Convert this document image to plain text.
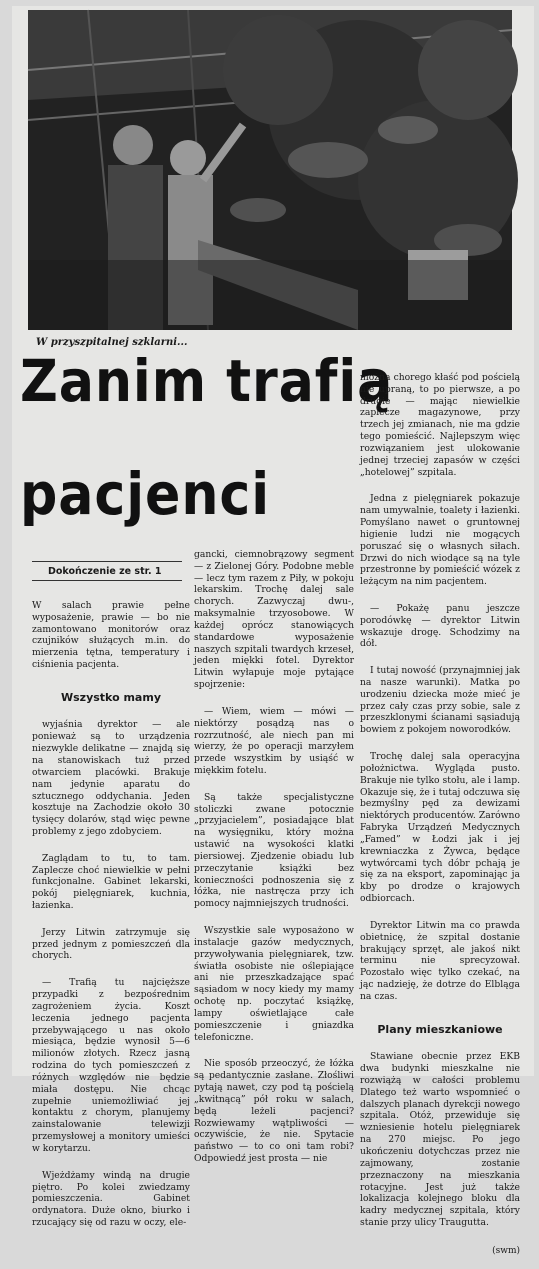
W przyszpitalnej szklarni...
Zanim trafią
pacjenci
Dokończenie ze str. 1

W salach prawie pełne wyposażenie, prawie — bo nie zamontowano monitorów oraz czujników służących m.in. do mierzenia tętna, temperatury i ciśnienia pacjenta.

Wszystko mamy

wyjaśnia dyrektor — ale ponieważ są to urządzenia niezwykle delikatne — znajdą się na stanowiskach tuż przed otwarciem placówki. Brakuje nam jedynie aparatu do sztucznego oddychania. Jeden kosztuje na Zachodzie około 30 tysięcy dolarów, stąd więc pewne problemy z jego zdobyciem.

Zaglądam to tu, to tam. Zaplecze choć niewielkie w pełni funkcjonalne. Gabinet lekarski, pokój pielęgniarek, kuchnia, łazienka.

Jerzy Litwin zatrzymuje się przed jednym z pomieszczeń dla chorych.

— Trafią tu najcięższe przypadki z bezpośrednim zagrożeniem życia. Koszt leczenia jednego pacjenta przebywającego u nas około miesiąca, będzie wynosił 5—6 milionów złotych. Rzecz jasną rodzina do tych pomieszczeń z różnych względów nie będzie miała dostępu. Nie chcąc zupełnie uniemożliwiać jej kontaktu z chorym, planujemy zainstalowanie telewizji przemysłowej a monitory umieści w korytarzu.

Wjeżdżamy windą na drugie piętro. Po kolei zwiedzamy pomieszczenia. Gabinet ordynatora. Duże okno, biurko i rzucający się od razu w oczy, ele-

gancki, ciemnobrązowy segment — z Zielonej Góry. Podobne meble — lecz tym razem z Piły, w pokoju lekarskim. Trochę dalej sale chorych. Zazwyczaj dwu-, maksymalnie trzyosobowe. W każdej oprócz stanowiących standardowe wyposażenie naszych szpitali twardych krzeseł, jeden miękki fotel. Dyrektor Litwin wyłapuje moje pytające spojrzenie:

— Wiem, wiem — mówi — niektórzy posądzą nas o rozrzutność, ale niech pan mi wierzy, że po operacji marzyłem przede wszystkim by usiąść w miękkim fotelu.

Są także specjalistyczne stoliczki zwane potocznie „przyjacielem”, posiadające blat na wysięgniku, który można ustawić na wysokości klatki piersiowej. Zjedzenie obiadu lub przeczytanie książki bez konieczności podnoszenia się z łóżka, nie nastręcza przy ich pomocy najmniejszych trudności.

Wszystkie sale wyposażono w instalacje gazów medycznych, przywoływania pielęgniarek, tzw. światła osobiste nie oślepiające ani nie przeszkadzające spać sąsiadom w nocy kiedy my mamy ochotę np. poczytać książkę, lampy oświetlające całe pomieszczenie i gniazdka telefoniczne.

Nie sposób przeoczyć, że łóżka są pedantycznie zasłane. Złośliwi pytają nawet, czy pod tą pościelą „kwitnącą” pół roku w salach, będą leżeli pacjenci? Rozwiewamy wątpliwości — oczywiście, że nie. Spytacie państwo — to co oni tam robi? Odpowiedź jest prosta — nie

można chorego kłaść pod pościelą nie upraną, to po pierwsze, a po drugie — mając niewielkie zaplecze magazynowe, przy trzech jej zmianach, nie ma gdzie tego pomieścić. Najlepszym więc rozwiązaniem jest ulokowanie jednej trzeciej zapasów w części „hotelowej” szpitala.

Jedna z pielęgniarek pokazuje nam umywalnie, toalety i łazienki. Pomyślano nawet o gruntownej higienie ludzi nie mogących poruszać się o własnych siłach. Drzwi do nich wiodące są na tyle przestronne by pomieścić wózek z leżącym na nim pacjentem.

— Pokażę panu jeszcze porodówkę — dyrektor Litwin wskazuje drogę. Schodzimy na dół.

I tutaj nowość (przynajmniej jak na nasze warunki). Matka po urodzeniu dziecka może mieć je przez cały czas przy sobie, sale z przeszklonymi ścianami sąsiadują bowiem z pokojem noworodków.

Trochę dalej sala operacyjna położnictwa. Wygląda pusto. Brakuje nie tylko stołu, ale i lamp. Okazuje się, że i tutaj odczuwa się bezmyślny pęd za dewizami niektórych producentów. Zarówno Fabryka Urządzeń Medycznych „Famed” w Łodzi jak i jej krewniaczka z Żywca, będące wytwórcami tych dóbr pchają je się za na eksport, zapominając ja kby po drodze o krajowych odbiorcach.

Dyrektor Litwin ma co prawda obietnicę, że szpital dostanie brakujący sprzęt, ale jakoś nikt terminu nie sprecyzował. Pozostało więc tylko czekać, na jąc nadzieję, że dotrze do Elbląga na czas.

Plany mieszkaniowe

Stawiane obecnie przez EKB dwa budynki mieszkalne nie rozwiążą w całości problemu Dlatego też warto wspomnieć o dalszych planach dyrekcji nowego szpitala. Otóż, przewiduje się wzniesienie hotelu pielęgniarek na 270 miejsc. Po jego ukończeniu dotychczas przez nie zajmowany, zostanie przeznaczony na mieszkania rotacyjne. Jest już także lokalizacja kolejnego bloku dla kadry medycznej szpitala, który stanie przy ulicy Traugutta.

(swm)
